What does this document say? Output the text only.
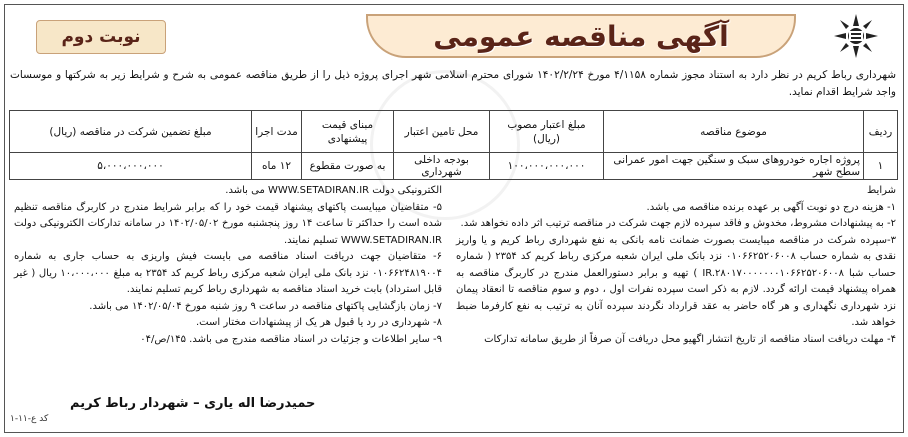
آگهی مناقصه عمومی
نوبت دوم
شهرداری رباط کریم در نظر دارد به استناد مجوز شماره ۴/۱۱۵۸ مورخ ۱۴۰۲/۲/۲۴ شورای محترم اسلامی شهر اجرای پروژه ذیل را از طریق مناقصه عمومی به شرح و شرایط زیر به شرکتها و موسسات واجد شرایط اقدام نماید.
ردیف	موضوع مناقصه	مبلغ اعتبار مصوب (ریال)	محل تامین اعتبار	مبنای قیمت پیشنهادی	مدت اجرا	مبلغ تضمین شرکت در مناقصه (ریال)
۱	پروژه اجاره خودروهای سبک و سنگین جهت امور عمرانی سطح شهر	۱۰۰،۰۰۰،۰۰۰،۰۰۰	بودجه داخلی شهرداری	به صورت مقطوع	۱۲ ماه	۵،۰۰۰،۰۰۰،۰۰۰
شرایط
۱- هزینه درج دو نوبت آگهی بر عهده برنده مناقصه می باشد.
۲- به پیشنهادات مشروط، مخدوش و فاقد سپرده لازم جهت شرکت در مناقصه ترتیب اثر داده نخواهد شد.
۳-سپرده شرکت در مناقصه میبایست بصورت ضمانت نامه بانکی به نفع شهرداری رباط کریم و یا واریز نقدی به شماره حساب ۰۱۰۶۶۲۵۲۰۶۰۰۸ نزد بانک ملی ایران شعبه مرکزی رباط کریم کد ۲۳۵۴ ( شماره حساب شبا IR.۲۸۰۱۷۰۰۰۰۰۰۰۱۰۶۶۲۵۲۰۶۰۰۸ ) تهیه و برابر دستورالعمل مندرج در کاربرگ مناقصه به همراه پیشنهاد قیمت ارائه گردد. لازم به ذکر است سپرده نفرات اول ، دوم و سوم مناقصه تا انعقاد پیمان نزد شهرداری نگهداری و هر گاه حاضر به عقد قرارداد نگردند سپرده آنان به ترتیب به نفع کارفرما ضبط خواهد شد.
۴- مهلت دریافت اسناد مناقصه از تاریخ انتشار اگهیو محل دریافت آن صرفاً از طریق سامانه تدارکات
الکترونیکی دولت WWW.SETADIRAN.IR می باشد.
۵- متقاضیان میبایست پاکتهای پیشنهاد قیمت خود را که برابر شرایط مندرج در کاربرگ مناقصه تنظیم شده است را حداکثر تا ساعت ۱۴ روز پنجشنبه مورخ ۱۴۰۲/۰۵/۰۲ در سامانه تدارکات الکترونیکی دولت WWW.SETADIRAN.IR تسلیم نمایند.
۶- متقاضیان جهت دریافت اسناد مناقصه می بایست فیش واریزی به حساب جاری به شماره ۰۱۰۶۶۲۴۸۱۹۰۰۴ نزد بانک ملی ایران شعبه مرکزی رباط کریم کد ۲۳۵۴ به مبلغ ۱۰،۰۰۰،۰۰۰ ریال ( غیر قابل استرداد) بابت خرید اسناد مناقصه به شهرداری رباط کریم تسلیم نمایند.
۷- زمان بازگشایی پاکتهای مناقصه در ساعت ۹ روز شنبه مورخ ۱۴۰۲/۰۵/۰۴ می باشد.
۸- شهرداری در رد یا قبول هر یک از پیشنهادات مختار است.
۹- سایر اطلاعات و جزئیات در اسناد مناقصه مندرج می باشد. ۱۴۵/ص/۰۴
حمیدرضا اله یاری – شهردار رباط کریم
کد ع-۱۱-۱
